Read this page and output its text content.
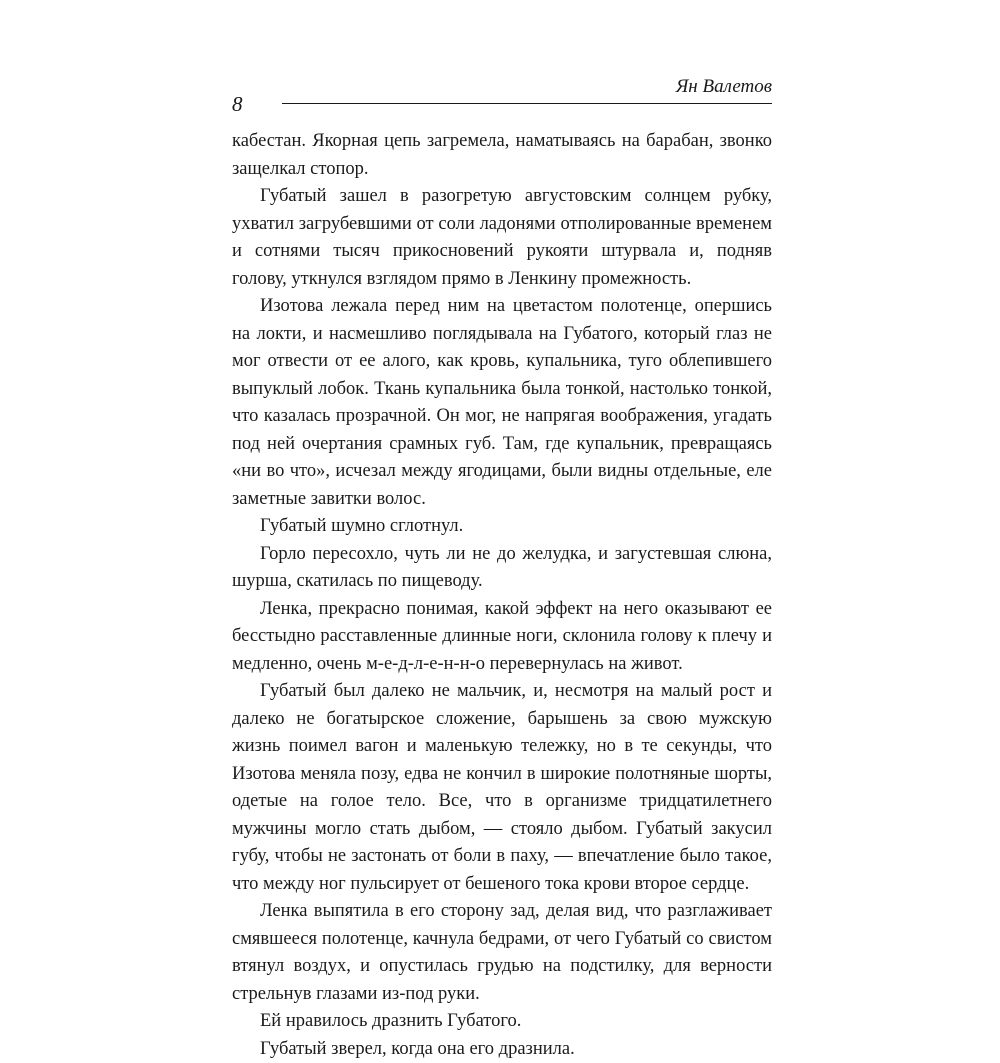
8
Ян Валетов

кабестан. Якорная цепь загремела, наматываясь на барабан, звонко защелкал стопор.

Губатый зашел в разогретую августовским солнцем рубку, ухватил загрубевшими от соли ладонями отполированные временем и сотнями тысяч прикосновений рукояти штурвала и, подняв голову, уткнулся взглядом прямо в Ленкину промежность.

Изотова лежала перед ним на цветастом полотенце, опершись на локти, и насмешливо поглядывала на Губатого, который глаз не мог отвести от ее алого, как кровь, купальника, туго облепившего выпуклый лобок. Ткань купальника была тонкой, настолько тонкой, что казалась прозрачной. Он мог, не напрягая воображения, угадать под ней очертания срамных губ. Там, где купальник, превращаясь «ни во что», исчезал между ягодицами, были видны отдельные, еле заметные завитки волос.

Губатый шумно сглотнул.

Горло пересохло, чуть ли не до желудка, и загустевшая слюна, шурша, скатилась по пищеводу.

Ленка, прекрасно понимая, какой эффект на него оказывают ее бесстыдно расставленные длинные ноги, склонила голову к плечу и медленно, очень м-е-д-л-е-н-н-о перевернулась на живот.

Губатый был далеко не мальчик, и, несмотря на малый рост и далеко не богатырское сложение, барышень за свою мужскую жизнь поимел вагон и маленькую тележку, но в те секунды, что Изотова меняла позу, едва не кончил в широкие полотняные шорты, одетые на голое тело. Все, что в организме тридцатилетнего мужчины могло стать дыбом, — стояло дыбом. Губатый закусил губу, чтобы не застонать от боли в паху, — впечатление было такое, что между ног пульсирует от бешеного тока крови второе сердце.

Ленка выпятила в его сторону зад, делая вид, что разглаживает смявшееся полотенце, качнула бедрами, от чего Губатый со свистом втянул воздух, и опустилась грудью на подстилку, для верности стрельнув глазами из-под руки.

Ей нравилось дразнить Губатого.

Губатый зверел, когда она его дразнила.
